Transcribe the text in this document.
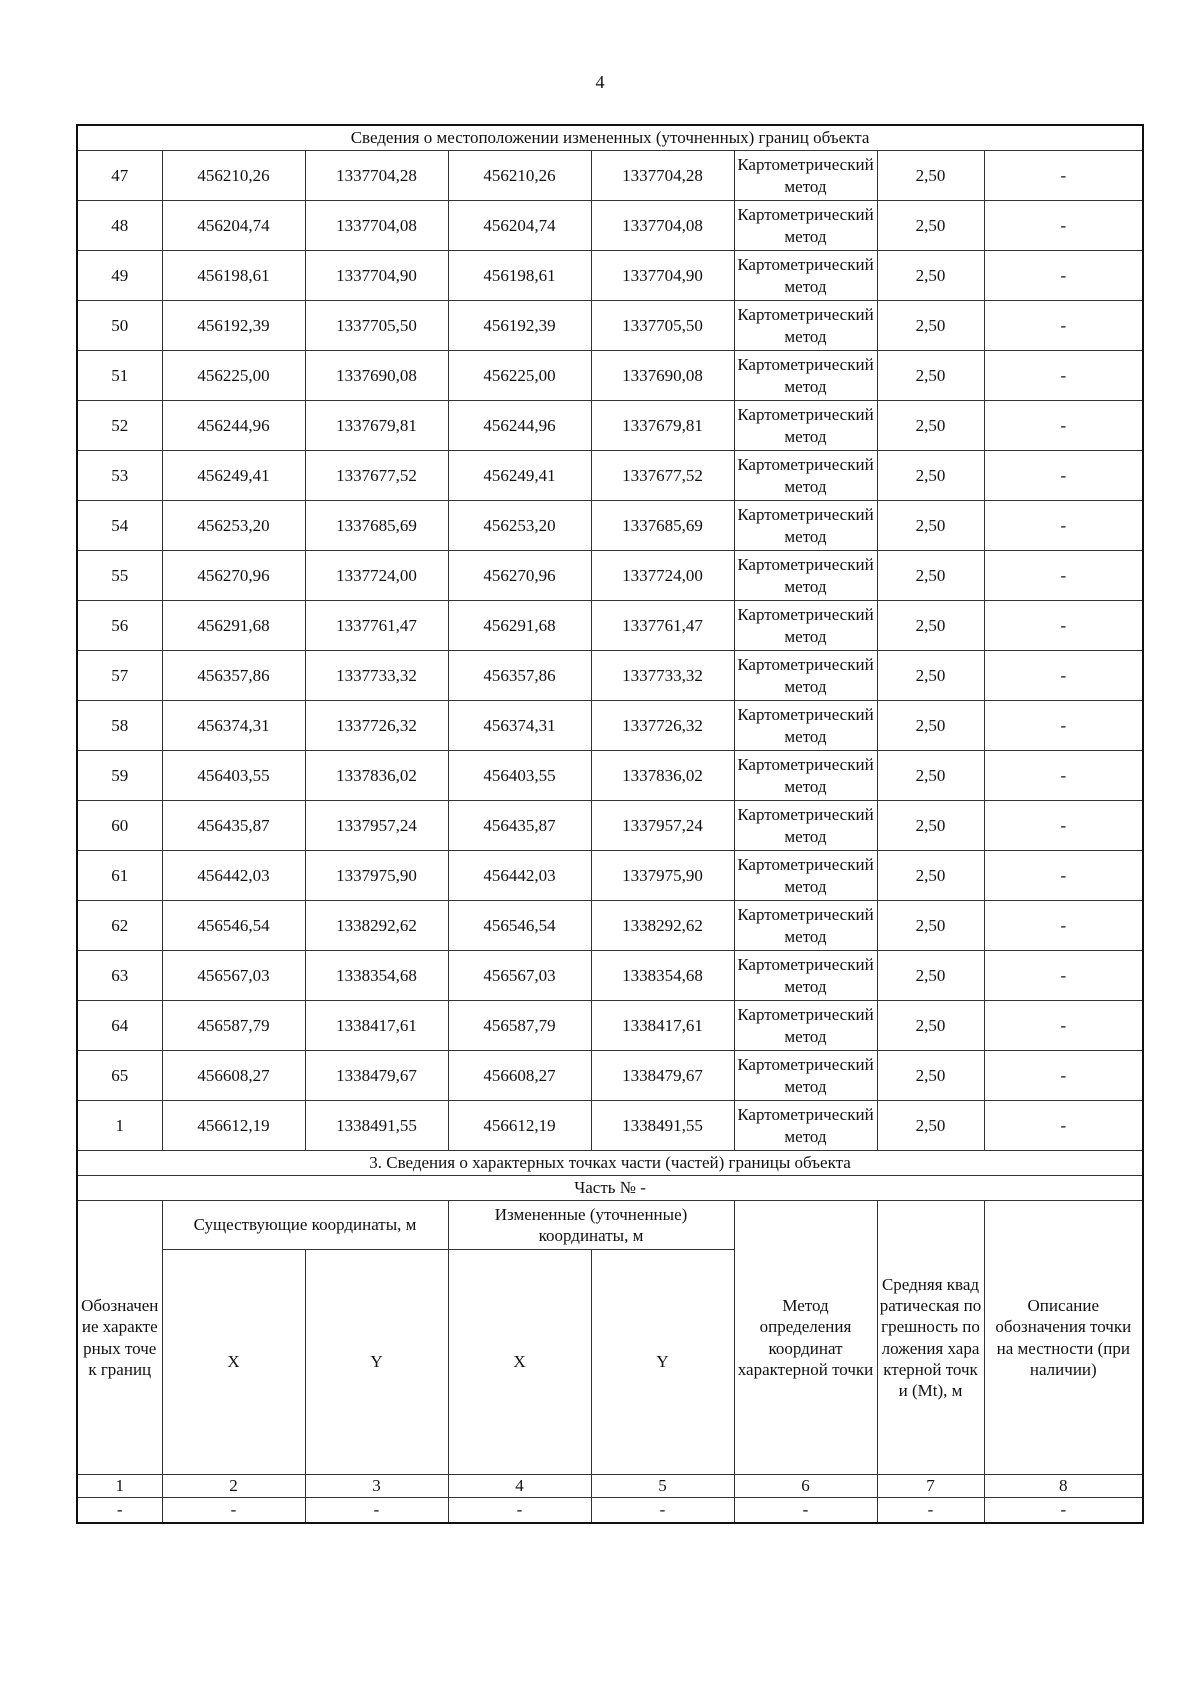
4
Сведения о местоположении измененных (уточненных) границ объекта							
47	456210,26	1337704,28	456210,26	1337704,28	Картометрический метод	2,50	-
48	456204,74	1337704,08	456204,74	1337704,08	Картометрический метод	2,50	-
49	456198,61	1337704,90	456198,61	1337704,90	Картометрический метод	2,50	-
50	456192,39	1337705,50	456192,39	1337705,50	Картометрический метод	2,50	-
51	456225,00	1337690,08	456225,00	1337690,08	Картометрический метод	2,50	-
52	456244,96	1337679,81	456244,96	1337679,81	Картометрический метод	2,50	-
53	456249,41	1337677,52	456249,41	1337677,52	Картометрический метод	2,50	-
54	456253,20	1337685,69	456253,20	1337685,69	Картометрический метод	2,50	-
55	456270,96	1337724,00	456270,96	1337724,00	Картометрический метод	2,50	-
56	456291,68	1337761,47	456291,68	1337761,47	Картометрический метод	2,50	-
57	456357,86	1337733,32	456357,86	1337733,32	Картометрический метод	2,50	-
58	456374,31	1337726,32	456374,31	1337726,32	Картометрический метод	2,50	-
59	456403,55	1337836,02	456403,55	1337836,02	Картометрический метод	2,50	-
60	456435,87	1337957,24	456435,87	1337957,24	Картометрический метод	2,50	-
61	456442,03	1337975,90	456442,03	1337975,90	Картометрический метод	2,50	-
62	456546,54	1338292,62	456546,54	1338292,62	Картометрический метод	2,50	-
63	456567,03	1338354,68	456567,03	1338354,68	Картометрический метод	2,50	-
64	456587,79	1338417,61	456587,79	1338417,61	Картометрический метод	2,50	-
65	456608,27	1338479,67	456608,27	1338479,67	Картометрический метод	2,50	-
1	456612,19	1338491,55	456612,19	1338491,55	Картометрический метод	2,50	-
3. Сведения о характерных точках части (частей) границы объекта							
Часть № -							
Обозначение характерных точек границ	Существующие координаты, м		Измененные (уточненные) координаты, м		Метод определения координат характерной точки	Средняя квадратическая погрешность положения характерной точки (Mt), м	Описание обозначения точки на местности (при наличии)
	X	Y	X	Y			
1	2	3	4	5	6	7	8
-	-	-	-	-	-	-	-
